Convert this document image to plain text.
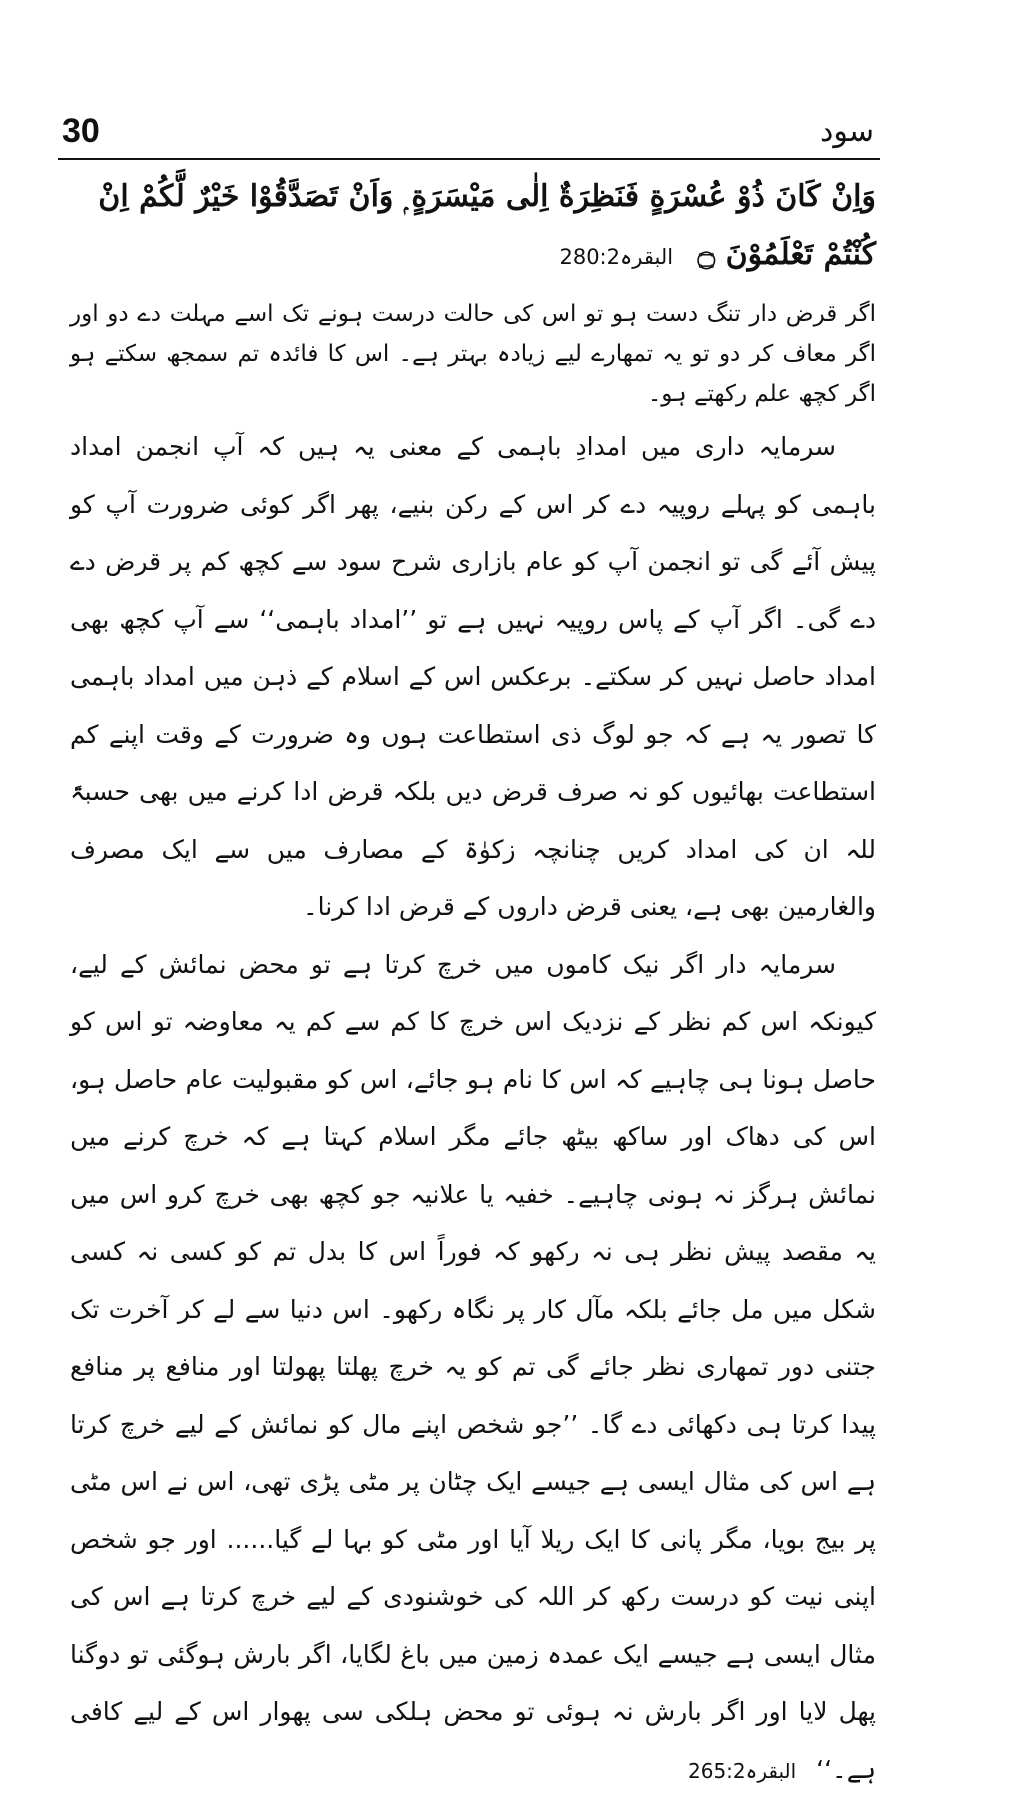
30	سود

وَاِنْ كَانَ ذُوْ عُسْرَةٍ فَنَظِرَةٌ اِلٰى مَيْسَرَةٍ ۭ وَاَنْ تَصَدَّقُوْا خَيْرٌ لَّكُمْ اِنْ كُنْتُمْ تَعْلَمُوْنَ ۝ البقرہ280:2

اگر قرض دار تنگ دست ہو تو اس کی حالت درست ہونے تک اسے مہلت دے دو اور اگر معاف کر دو تو یہ تمھارے لیے زیادہ بہتر ہے۔ اس کا فائدہ تم سمجھ سکتے ہو اگر کچھ علم رکھتے ہو۔

سرمایہ داری میں امدادِ باہمی کے معنی یہ ہیں کہ آپ انجمن امداد باہمی کو پہلے روپیہ دے کر اس کے رکن بنیے، پھر اگر کوئی ضرورت آپ کو پیش آئے گی تو انجمن آپ کو عام بازاری شرح سود سے کچھ کم پر قرض دے دے گی۔ اگر آپ کے پاس روپیہ نہیں ہے تو ’’امداد باہمی‘‘ سے آپ کچھ بھی امداد حاصل نہیں کر سکتے۔ برعکس اس کے اسلام کے ذہن میں امداد باہمی کا تصور یہ ہے کہ جو لوگ ذی استطاعت ہوں وہ ضرورت کے وقت اپنے کم استطاعت بھائیوں کو نہ صرف قرض دیں بلکہ قرض ادا کرنے میں بھی حسبۃً للہ ان کی امداد کریں چنانچہ زکوٰۃ کے مصارف میں سے ایک مصرف والغارمین بھی ہے، یعنی قرض داروں کے قرض ادا کرنا۔

سرمایہ دار اگر نیک کاموں میں خرچ کرتا ہے تو محض نمائش کے لیے، کیونکہ اس کم نظر کے نزدیک اس خرچ کا کم سے کم یہ معاوضہ تو اس کو حاصل ہونا ہی چاہیے کہ اس کا نام ہو جائے، اس کو مقبولیت عام حاصل ہو، اس کی دھاک اور ساکھ بیٹھ جائے مگر اسلام کہتا ہے کہ خرچ کرنے میں نمائش ہرگز نہ ہونی چاہیے۔ خفیہ یا علانیہ جو کچھ بھی خرچ کرو اس میں یہ مقصد پیش نظر ہی نہ رکھو کہ فوراً اس کا بدل تم کو کسی نہ کسی شکل میں مل جائے بلکہ مآل کار پر نگاہ رکھو۔ اس دنیا سے لے کر آخرت تک جتنی دور تمھاری نظر جائے گی تم کو یہ خرچ پھلتا پھولتا اور منافع پر منافع پیدا کرتا ہی دکھائی دے گا۔ ’’جو شخص اپنے مال کو نمائش کے لیے خرچ کرتا ہے اس کی مثال ایسی ہے جیسے ایک چٹان پر مٹی پڑی تھی، اس نے اس مٹی پر بیج بویا، مگر پانی کا ایک ریلا آیا اور مٹی کو بہا لے گیا...... اور جو شخص اپنی نیت کو درست رکھ کر اللہ کی خوشنودی کے لیے خرچ کرتا ہے اس کی مثال ایسی ہے جیسے ایک عمدہ زمین میں باغ لگایا، اگر بارش ہوگئی تو دوگنا پھل لایا اور اگر بارش نہ ہوئی تو محض ہلکی سی پھوار اس کے لیے کافی ہے۔‘‘ البقرہ265:2
